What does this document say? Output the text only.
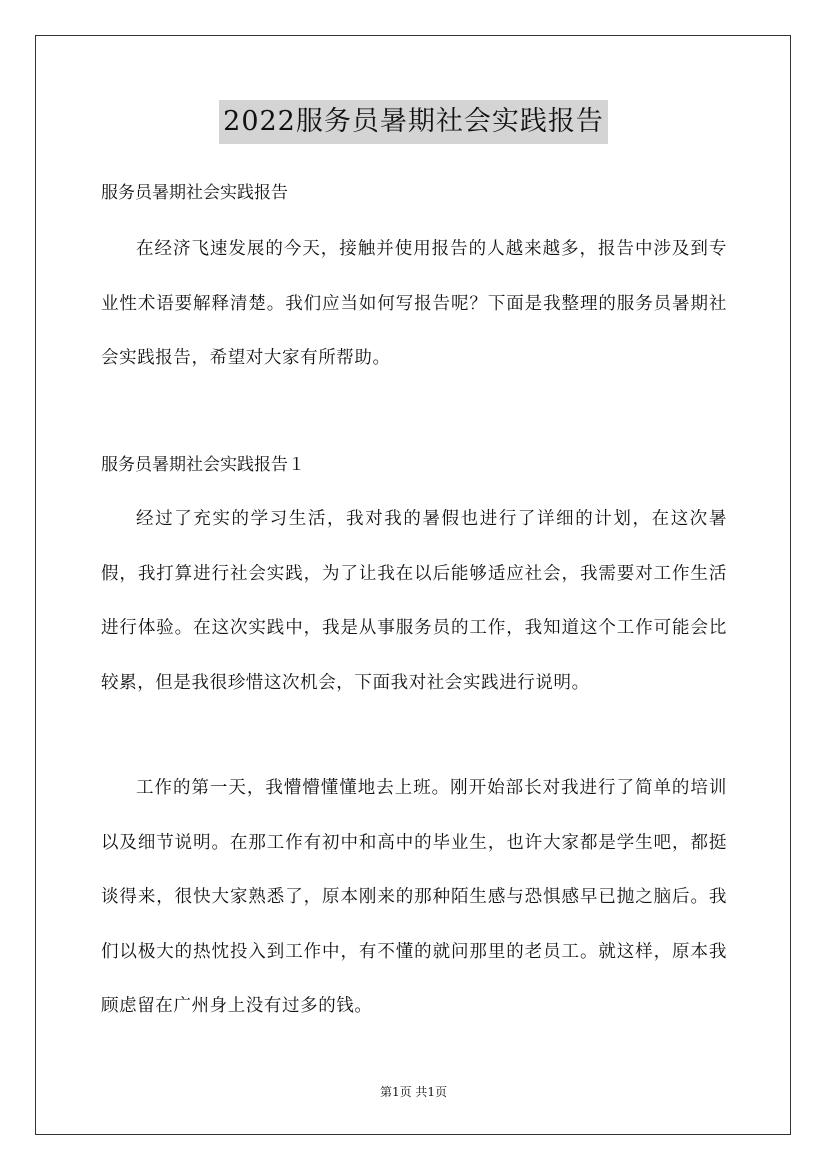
2022服务员暑期社会实践报告
服务员暑期社会实践报告
在经济飞速发展的今天，接触并使用报告的人越来越多，报告中涉及到专业性术语要解释清楚。我们应当如何写报告呢？下面是我整理的服务员暑期社会实践报告，希望对大家有所帮助。
服务员暑期社会实践报告１
经过了充实的学习生活，我对我的暑假也进行了详细的计划，在这次暑假，我打算进行社会实践，为了让我在以后能够适应社会，我需要对工作生活进行体验。在这次实践中，我是从事服务员的工作，我知道这个工作可能会比较累，但是我很珍惜这次机会，下面我对社会实践进行说明。
工作的第一天，我懵懵懂懂地去上班。刚开始部长对我进行了简单的培训以及细节说明。在那工作有初中和高中的毕业生，也许大家都是学生吧，都挺谈得来，很快大家熟悉了，原本刚来的那种陌生感与恐惧感早已抛之脑后。我们以极大的热忱投入到工作中，有不懂的就问那里的老员工。就这样，原本我顾虑留在广州身上没有过多的钱。
第1页 共1页
